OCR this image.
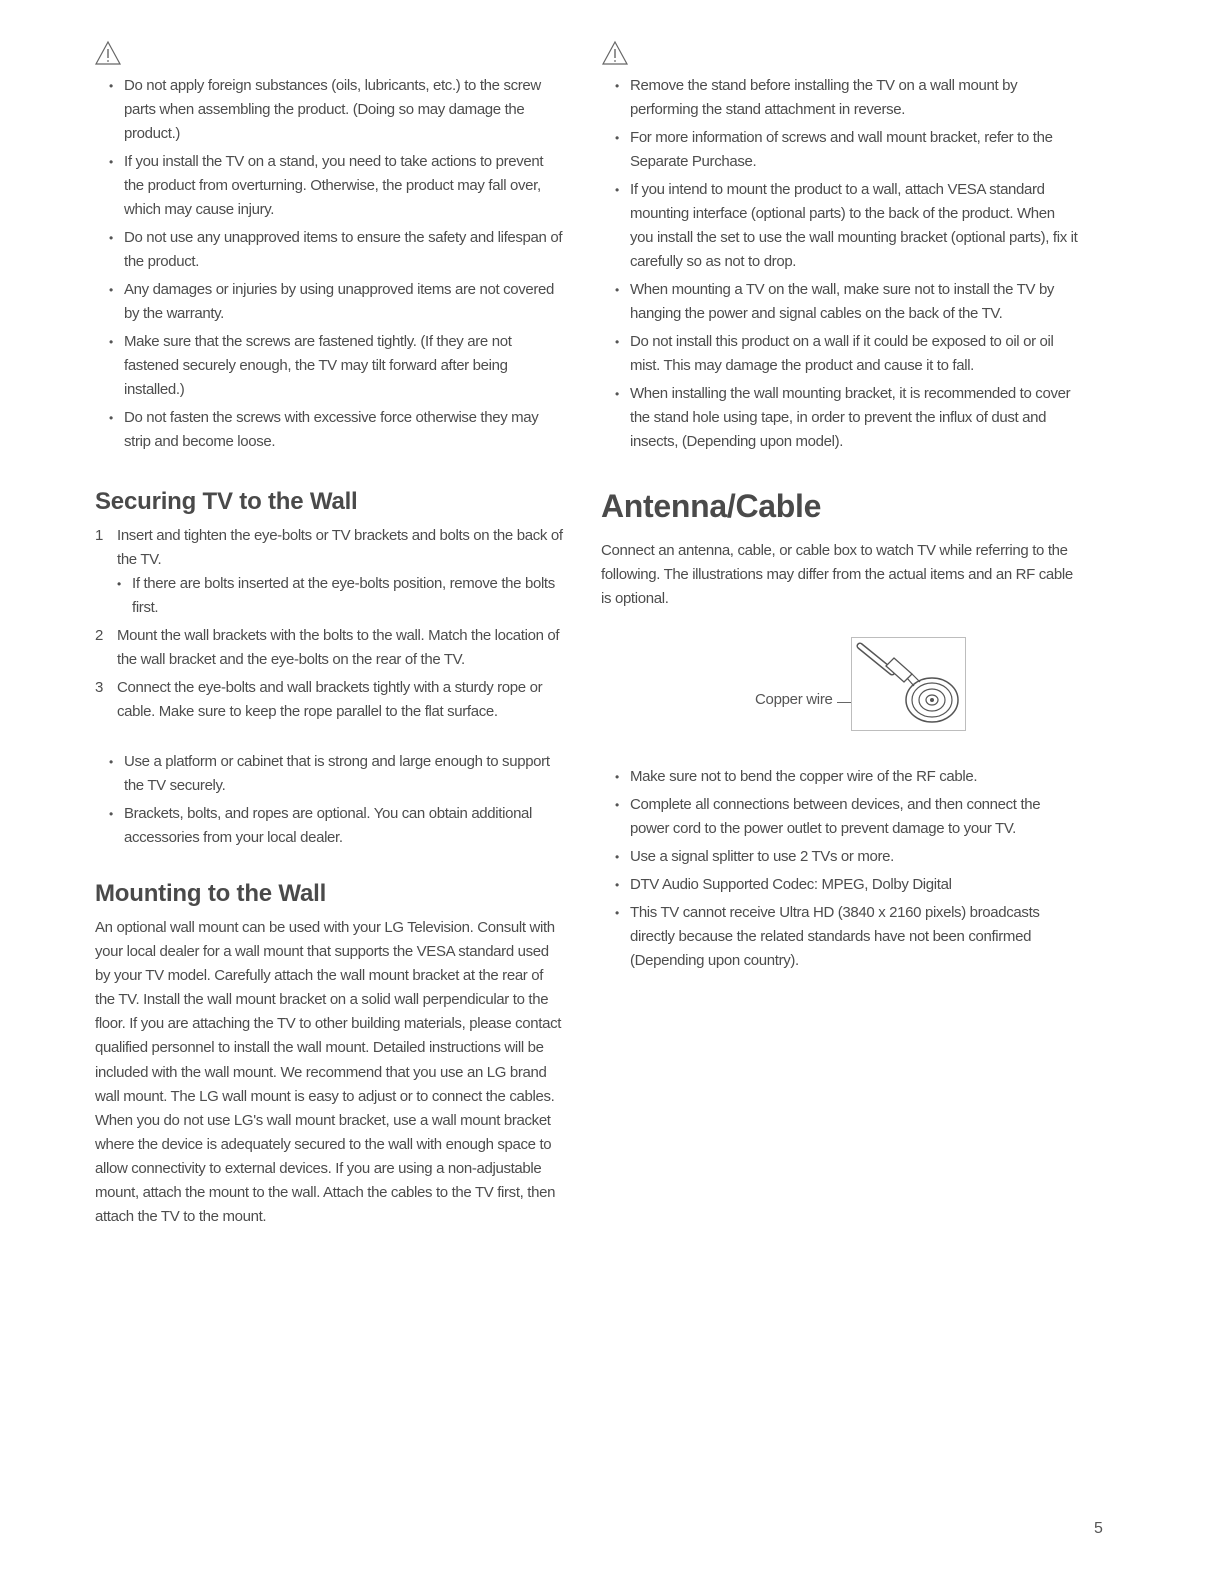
• Do not apply foreign substances (oils, lubricants, etc.) to the screw parts when assembling the product. (Doing so may damage the product.)
• If you install the TV on a stand, you need to take actions to prevent the product from overturning. Otherwise, the product may fall over, which may cause injury.
• Do not use any unapproved items to ensure the safety and lifespan of the product.
• Any damages or injuries by using unapproved items are not covered by the warranty.
• Make sure that the screws are fastened tightly. (If they are not fastened securely enough, the TV may tilt forward after being installed.)
• Do not fasten the screws with excessive force otherwise they may strip and become loose.
Securing TV to the Wall
1 Insert and tighten the eye-bolts or TV brackets and bolts on the back of the TV.
• If there are bolts inserted at the eye-bolts position, remove the bolts first.
2 Mount the wall brackets with the bolts to the wall. Match the location of the wall bracket and the eye-bolts on the rear of the TV.
3 Connect the eye-bolts and wall brackets tightly with a sturdy rope or cable. Make sure to keep the rope parallel to the flat surface.
• Use a platform or cabinet that is strong and large enough to support the TV securely.
• Brackets, bolts, and ropes are optional. You can obtain additional accessories from your local dealer.
Mounting to the Wall

An optional wall mount can be used with your LG Television. Consult with your local dealer for a wall mount that supports the VESA standard used by your TV model. Carefully attach the wall mount bracket at the rear of the TV. Install the wall mount bracket on a solid wall perpendicular to the floor. If you are attaching the TV to other building materials, please contact qualified personnel to install the wall mount. Detailed instructions will be included with the wall mount. We recommend that you use an LG brand wall mount. The LG wall mount is easy to adjust or to connect the cables. When you do not use LG's wall mount bracket, use a wall mount bracket where the device is adequately secured to the wall with enough space to allow connectivity to external devices. If you are using a non-adjustable mount, attach the mount to the wall. Attach the cables to the TV first, then attach the TV to the mount.

• Remove the stand before installing the TV on a wall mount by performing the stand attachment in reverse.
• For more information of screws and wall mount bracket, refer to the Separate Purchase.
• If you intend to mount the product to a wall, attach VESA standard mounting interface (optional parts) to the back of the product. When you install the set to use the wall mounting bracket (optional parts), fix it carefully so as not to drop.
• When mounting a TV on the wall, make sure not to install the TV by hanging the power and signal cables on the back of the TV.
• Do not install this product on a wall if it could be exposed to oil or oil mist. This may damage the product and cause it to fall.
• When installing the wall mounting bracket, it is recommended to cover the stand hole using tape, in order to prevent the influx of dust and insects, (Depending upon model).
Antenna/Cable

Connect an antenna, cable, or cable box to watch TV while referring to the following. The illustrations may differ from the actual items and an RF cable is optional.

Copper wire
• Make sure not to bend the copper wire of the RF cable.
• Complete all connections between devices, and then connect the power cord to the power outlet to prevent damage to your TV.
• Use a signal splitter to use 2 TVs or more.
• DTV Audio Supported Codec: MPEG, Dolby Digital
• This TV cannot receive Ultra HD (3840 x 2160 pixels) broadcasts directly because the related standards have not been confirmed (Depending upon country).
5
